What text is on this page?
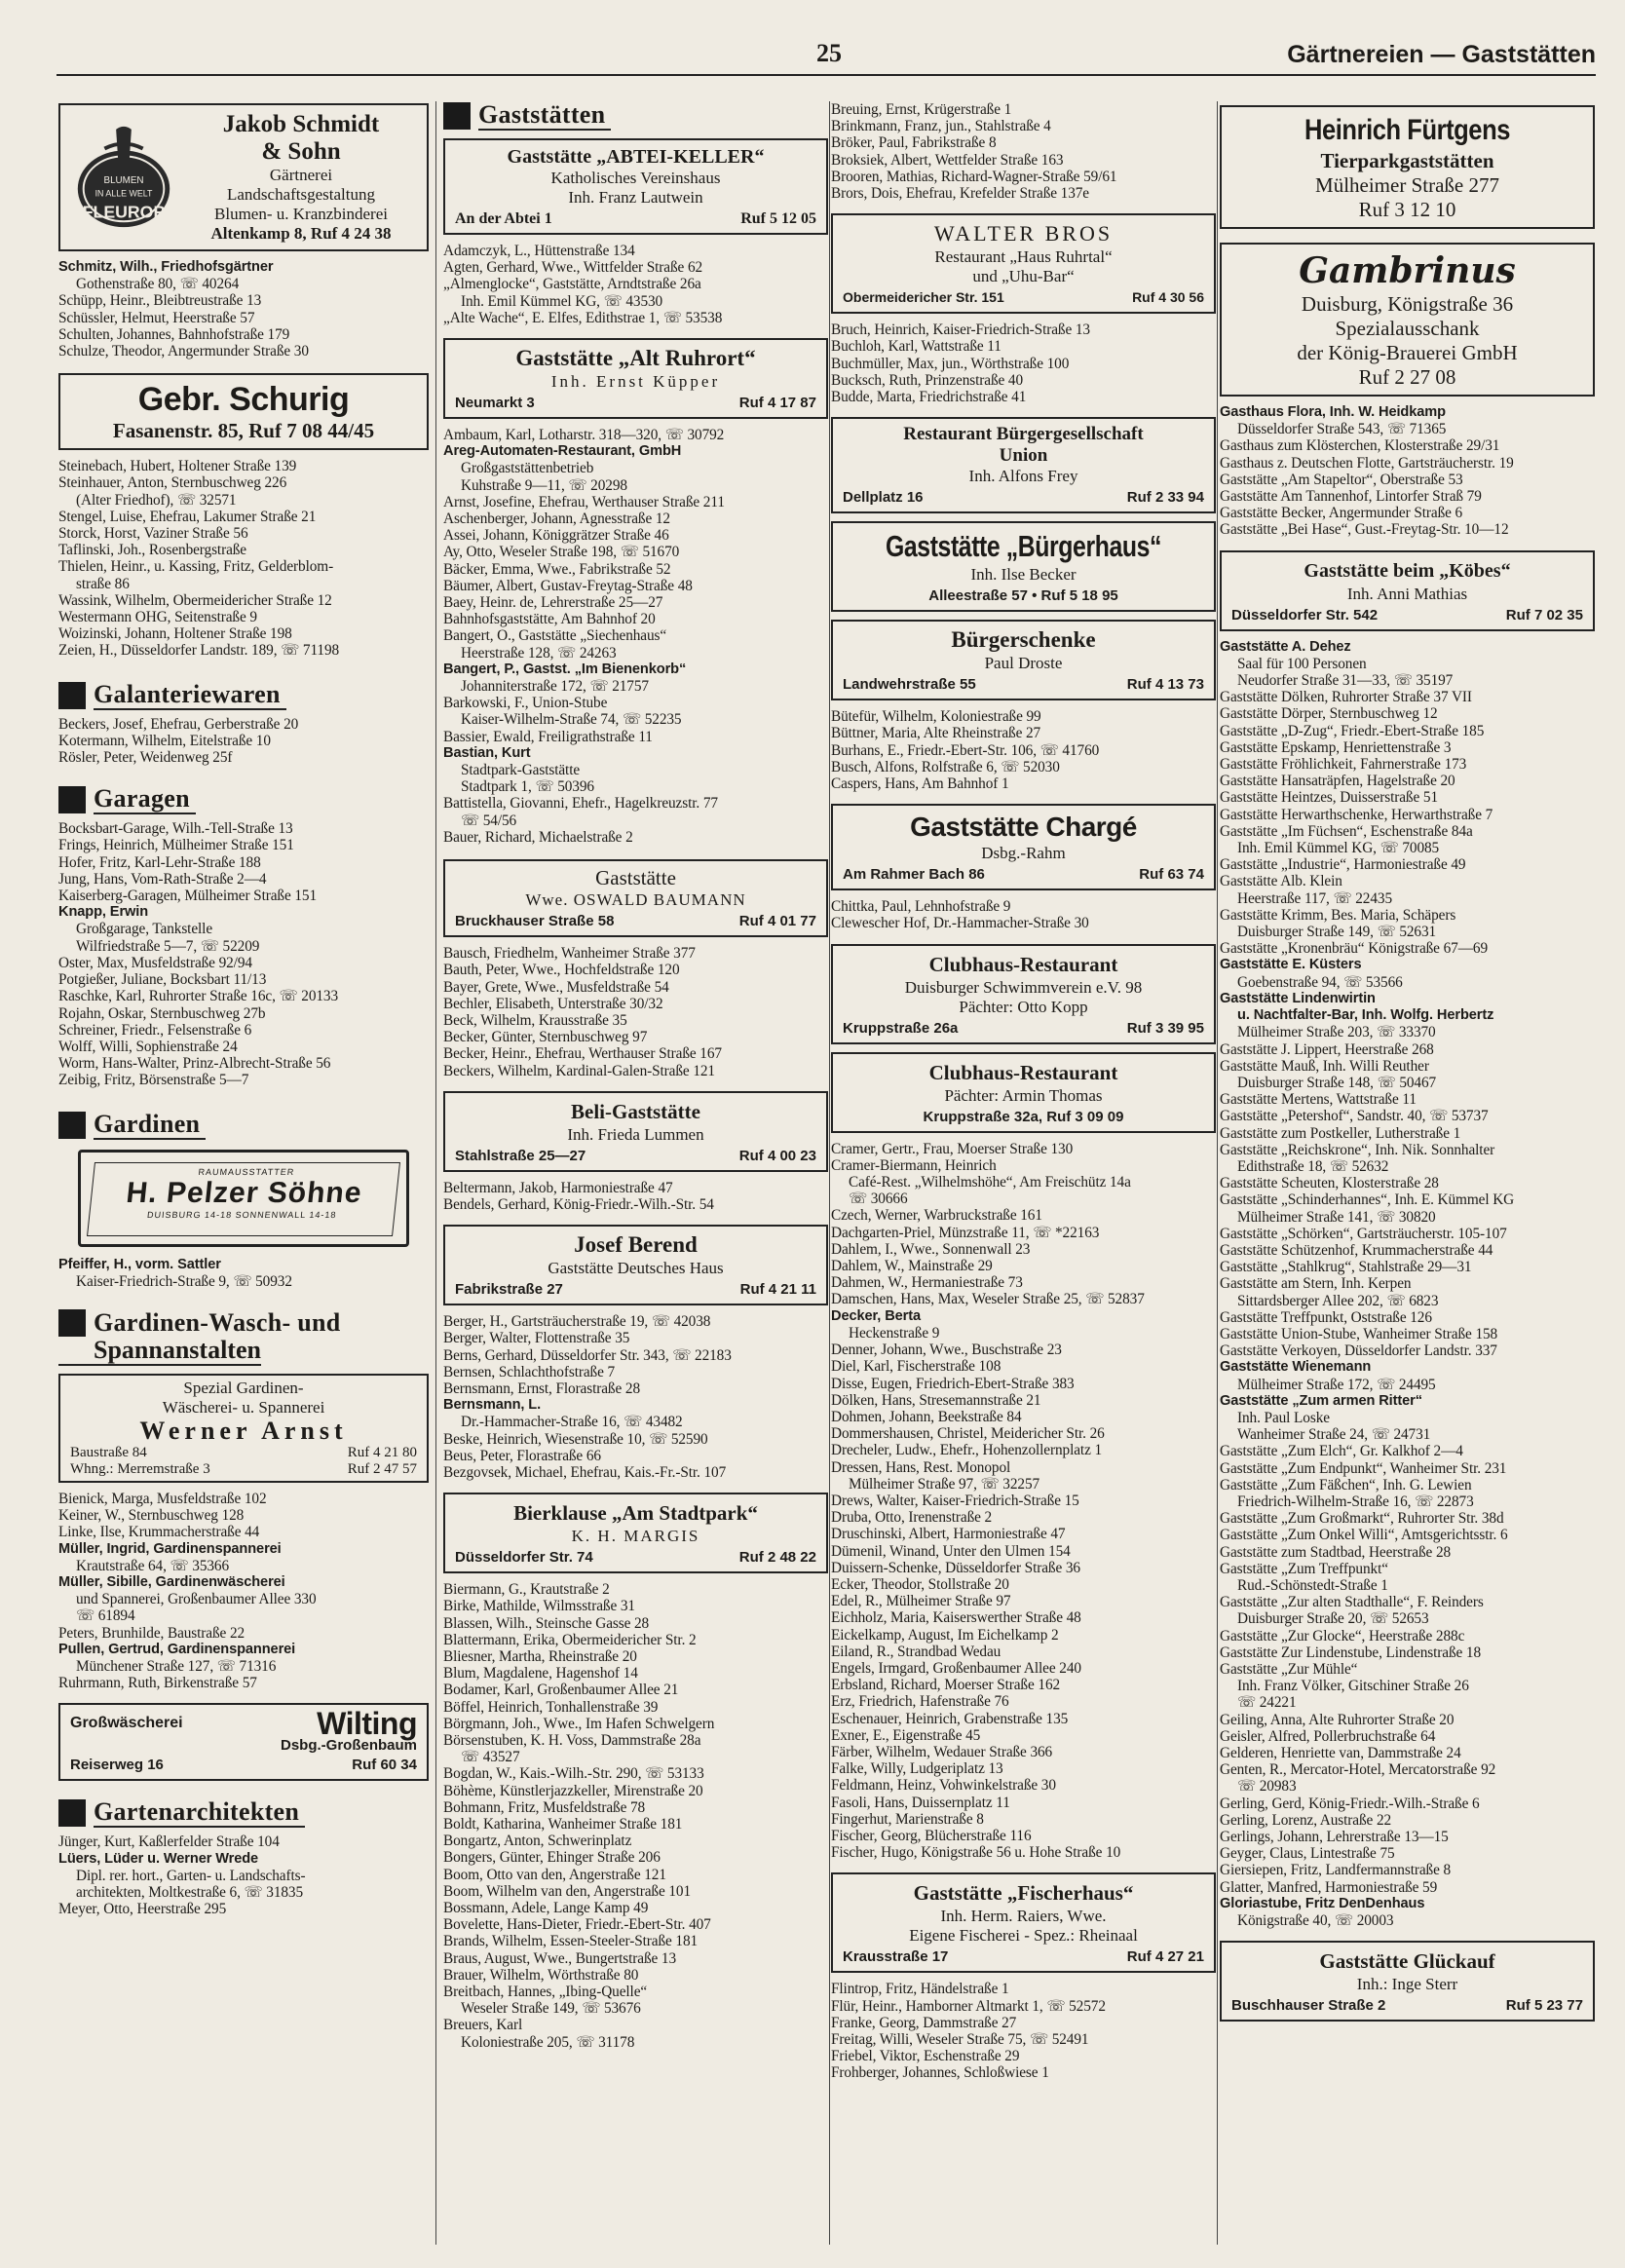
25	Gärtnereien — Gaststätten
BLUMEN
IN ALLE WELT
FLEUROP
Jakob Schmidt
& Sohn
Gärtnerei
Landschaftsgestaltung
Blumen- u. Kranzbinderei
Altenkamp 8, Ruf 4 24 38
Schmitz, Wilh., Friedhofsgärtner
Gothenstraße 80, ☏ 40264
Schüpp, Heinr., Bleibtreustraße 13
Schüssler, Helmut, Heerstraße 57
Schulten, Johannes, Bahnhofstraße 179
Schulze, Theodor, Angermunder Straße 30
Gebr. Schurig
Fasanenstr. 85, Ruf 7 08 44/45
Steinebach, Hubert, Holtener Straße 139
Steinhauer, Anton, Sternbuschweg 226
(Alter Friedhof), ☏ 32571
Stengel, Luise, Ehefrau, Lakumer Straße 21
Storck, Horst, Vaziner Straße 56
Taflinski, Joh., Rosenbergstraße
Thielen, Heinr., u. Kassing, Fritz, Gelderblom-
straße 86
Wassink, Wilhelm, Obermeidericher Straße 12
Westermann OHG, Seitenstraße 9
Woizinski, Johann, Holtener Straße 198
Zeien, H., Düsseldorfer Landstr. 189, ☏ 71198
Galanteriewaren
Beckers, Josef, Ehefrau, Gerberstraße 20
Kotermann, Wilhelm, Eitelstraße 10
Rösler, Peter, Weidenweg 25f
Garagen
Bocksbart-Garage, Wilh.-Tell-Straße 13
Frings, Heinrich, Mülheimer Straße 151
Hofer, Fritz, Karl-Lehr-Straße 188
Jung, Hans, Vom-Rath-Straße 2—4
Kaiserberg-Garagen, Mülheimer Straße 151
Knapp, Erwin
Großgarage, Tankstelle
Wilfriedstraße 5—7, ☏ 52209
Oster, Max, Musfeldstraße 92/94
Potgießer, Juliane, Bocksbart 11/13
Raschke, Karl, Ruhrorter Straße 16c, ☏ 20133
Rojahn, Oskar, Sternbuschweg 27b
Schreiner, Friedr., Felsenstraße 6
Wolff, Willi, Sophienstraße 24
Worm, Hans-Walter, Prinz-Albrecht-Straße 56
Zeibig, Fritz, Börsenstraße 5—7
Gardinen
RAUMAUSSTATTER
H. Pelzer Söhne
DUISBURG 14-18 SONNENWALL 14-18
Pfeiffer, H., vorm. Sattler
Kaiser-Friedrich-Straße 9, ☏ 50932
Gardinen-Wasch- und
Spannanstalten
Spezial Gardinen-
Wäscherei- u. Spannerei
Werner Arnst
Baustraße 84	Ruf 4 21 80
Whng.: Merremstraße 3	Ruf 2 47 57
Bienick, Marga, Musfeldstraße 102
Keiner, W., Sternbuschweg 128
Linke, Ilse, Krummacherstraße 44
Müller, Ingrid, Gardinenspannerei
Krautstraße 64, ☏ 35366
Müller, Sibille, Gardinenwäscherei
und Spannerei, Großenbaumer Allee 330
☏ 61894
Peters, Brunhilde, Baustraße 22
Pullen, Gertrud, Gardinenspannerei
Münchener Straße 127, ☏ 71316
Ruhrmann, Ruth, Birkenstraße 57
Großwäscherei	Wilting
Dsbg.-Großenbaum
Reiserweg 16	Ruf 60 34
Gartenarchitekten
Jünger, Kurt, Kaßlerfelder Straße 104
Lüers, Lüder u. Werner Wrede
Dipl. rer. hort., Garten- u. Landschafts-
architekten, Moltkestraße 6, ☏ 31835
Meyer, Otto, Heerstraße 295
Gaststätten
Gaststätte „ABTEI-KELLER“
Katholisches Vereinshaus
Inh. Franz Lautwein
An der Abtei 1	Ruf 5 12 05
Adamczyk, L., Hüttenstraße 134
Agten, Gerhard, Wwe., Wittfelder Straße 62
„Almenglocke“, Gaststätte, Arndtstraße 26a
Inh. Emil Kümmel KG, ☏ 43530
„Alte Wache“, E. Elfes, Edithstrae 1, ☏ 53538
Gaststätte „Alt Ruhrort“
Inh. Ernst Küpper
Neumarkt 3	Ruf 4 17 87
Ambaum, Karl, Lotharstr. 318—320, ☏ 30792
Areg-Automaten-Restaurant, GmbH
Großgaststättenbetrieb
Kuhstraße 9—11, ☏ 20298
Arnst, Josefine, Ehefrau, Werthauser Straße 211
Aschenberger, Johann, Agnesstraße 12
Assei, Johann, Königgrätzer Straße 46
Ay, Otto, Weseler Straße 198, ☏ 51670
Bäcker, Emma, Wwe., Fabrikstraße 52
Bäumer, Albert, Gustav-Freytag-Straße 48
Baey, Heinr. de, Lehrerstraße 25—27
Bahnhofsgaststätte, Am Bahnhof 20
Bangert, O., Gaststätte „Siechenhaus“
Heerstraße 128, ☏ 24263
Bangert, P., Gastst. „Im Bienenkorb“
Johanniterstraße 172, ☏ 21757
Barkowski, F., Union-Stube
Kaiser-Wilhelm-Straße 74, ☏ 52235
Bassier, Ewald, Freiligrathstraße 11
Bastian, Kurt
Stadtpark-Gaststätte
Stadtpark 1, ☏ 50396
Battistella, Giovanni, Ehefr., Hagelkreuzstr. 77
☏ 54/56
Bauer, Richard, Michaelstraße 2
Gaststätte
Wwe. OSWALD BAUMANN
Bruckhauser Straße 58	Ruf 4 01 77
Bausch, Friedhelm, Wanheimer Straße 377
Bauth, Peter, Wwe., Hochfeldstraße 120
Bayer, Grete, Wwe., Musfeldstraße 54
Bechler, Elisabeth, Unterstraße 30/32
Beck, Wilhelm, Krausstraße 35
Becker, Günter, Sternbuschweg 97
Becker, Heinr., Ehefrau, Werthauser Straße 167
Beckers, Wilhelm, Kardinal-Galen-Straße 121
Beli-Gaststätte
Inh. Frieda Lummen
Stahlstraße 25—27	Ruf 4 00 23
Beltermann, Jakob, Harmoniestraße 47
Bendels, Gerhard, König-Friedr.-Wilh.-Str. 54
Josef Berend
Gaststätte Deutsches Haus
Fabrikstraße 27	Ruf 4 21 11
Berger, H., Gartsträucherstraße 19, ☏ 42038
Berger, Walter, Flottenstraße 35
Berns, Gerhard, Düsseldorfer Str. 343, ☏ 22183
Bernsen, Schlachthofstraße 7
Bernsmann, Ernst, Florastraße 28
Bernsmann, L.
Dr.-Hammacher-Straße 16, ☏ 43482
Beske, Heinrich, Wiesenstraße 10, ☏ 52590
Beus, Peter, Florastraße 66
Bezgovsek, Michael, Ehefrau, Kais.-Fr.-Str. 107
Bierklause „Am Stadtpark“
K. H. MARGIS
Düsseldorfer Str. 74	Ruf 2 48 22
Biermann, G., Krautstraße 2
Birke, Mathilde, Wilmsstraße 31
Blassen, Wilh., Steinsche Gasse 28
Blattermann, Erika, Obermeidericher Str. 2
Bliesner, Martha, Rheinstraße 20
Blum, Magdalene, Hagenshof 14
Bodamer, Karl, Großenbaumer Allee 21
Böffel, Heinrich, Tonhallenstraße 39
Börgmann, Joh., Wwe., Im Hafen Schwelgern
Börsenstuben, K. H. Voss, Dammstraße 28a
☏ 43527
Bogdan, W., Kais.-Wilh.-Str. 290, ☏ 53133
Böhème, Künstlerjazzkeller, Mirenstraße 20
Bohmann, Fritz, Musfeldstraße 78
Boldt, Katharina, Wanheimer Straße 181
Bongartz, Anton, Schwerinplatz
Bongers, Günter, Ehinger Straße 206
Boom, Otto van den, Angerstraße 121
Boom, Wilhelm van den, Angerstraße 101
Bossmann, Adele, Lange Kamp 49
Bovelette, Hans-Dieter, Friedr.-Ebert-Str. 407
Brands, Wilhelm, Essen-Steeler-Straße 181
Braus, August, Wwe., Bungertstraße 13
Brauer, Wilhelm, Wörthstraße 80
Breitbach, Hannes, „Ibing-Quelle“
Weseler Straße 149, ☏ 53676
Breuers, Karl
Koloniestraße 205, ☏ 31178
Breuing, Ernst, Krügerstraße 1
Brinkmann, Franz, jun., Stahlstraße 4
Bröker, Paul, Fabrikstraße 8
Broksiek, Albert, Wettfelder Straße 163
Brooren, Mathias, Richard-Wagner-Straße 59/61
Brors, Dois, Ehefrau, Krefelder Straße 137e
WALTER BROS
Restaurant „Haus Ruhrtal“
und „Uhu-Bar“
Obermeidericher Str. 151	Ruf 4 30 56
Bruch, Heinrich, Kaiser-Friedrich-Straße 13
Buchloh, Karl, Wattstraße 11
Buchmüller, Max, jun., Wörthstraße 100
Bucksch, Ruth, Prinzenstraße 40
Budde, Marta, Friedrichstraße 41
Restaurant Bürgergesellschaft
Union
Inh. Alfons Frey
Dellplatz 16	Ruf 2 33 94
Gaststätte „Bürgerhaus“
Inh. Ilse Becker
Alleestraße 57 • Ruf 5 18 95
Bürgerschenke
Paul Droste
Landwehrstraße 55	Ruf 4 13 73
Bütefür, Wilhelm, Koloniestraße 99
Büttner, Maria, Alte Rheinstraße 27
Burhans, E., Friedr.-Ebert-Str. 106, ☏ 41760
Busch, Alfons, Rolfstraße 6, ☏ 52030
Caspers, Hans, Am Bahnhof 1
Gaststätte Chargé
Dsbg.-Rahm
Am Rahmer Bach 86	Ruf 63 74
Chittka, Paul, Lehnhofstraße 9
Clewescher Hof, Dr.-Hammacher-Straße 30
Clubhaus-Restaurant
Duisburger Schwimmverein e.V. 98
Pächter: Otto Kopp
Kruppstraße 26a	Ruf 3 39 95
Clubhaus-Restaurant
Pächter: Armin Thomas
Kruppstraße 32a, Ruf 3 09 09
Cramer, Gertr., Frau, Moerser Straße 130
Cramer-Biermann, Heinrich
Café-Rest. „Wilhelmshöhe“, Am Freischütz 14a
☏ 30666
Czech, Werner, Warbruckstraße 161
Dachgarten-Priel, Münzstraße 11, ☏ *22163
Dahlem, I., Wwe., Sonnenwall 23
Dahlem, W., Mainstraße 29
Dahmen, W., Hermaniestraße 73
Damschen, Hans, Max, Weseler Straße 25, ☏ 52837
Decker, Berta
Heckenstraße 9
Denner, Johann, Wwe., Buschstraße 23
Diel, Karl, Fischerstraße 108
Disse, Eugen, Friedrich-Ebert-Straße 383
Dölken, Hans, Stresemannstraße 21
Dohmen, Johann, Beekstraße 84
Dommershausen, Christel, Meidericher Str. 26
Drecheler, Ludw., Ehefr., Hohenzollernplatz 1
Dressen, Hans, Rest. Monopol
Mülheimer Straße 97, ☏ 32257
Drews, Walter, Kaiser-Friedrich-Straße 15
Druba, Otto, Irenenstraße 2
Druschinski, Albert, Harmoniestraße 47
Dümenil, Winand, Unter den Ulmen 154
Duissern-Schenke, Düsseldorfer Straße 36
Ecker, Theodor, Stollstraße 20
Edel, R., Mülheimer Straße 97
Eichholz, Maria, Kaiserswerther Straße 48
Eickelkamp, August, Im Eichelkamp 2
Eiland, R., Strandbad Wedau
Engels, Irmgard, Großenbaumer Allee 240
Erbsland, Richard, Moerser Straße 162
Erz, Friedrich, Hafenstraße 76
Eschenauer, Heinrich, Grabenstraße 135
Exner, E., Eigenstraße 45
Färber, Wilhelm, Wedauer Straße 366
Falke, Willy, Ludgeriplatz 13
Feldmann, Heinz, Vohwinkelstraße 30
Fasoli, Hans, Duissernplatz 11
Fingerhut, Marienstraße 8
Fischer, Georg, Blücherstraße 116
Fischer, Hugo, Königstraße 56 u. Hohe Straße 10
Gaststätte „Fischerhaus“
Inh. Herm. Raiers, Wwe.
Eigene Fischerei - Spez.: Rheinaal
Krausstraße 17	Ruf 4 27 21
Flintrop, Fritz, Händelstraße 1
Flür, Heinr., Hamborner Altmarkt 1, ☏ 52572
Franke, Georg, Dammstraße 27
Freitag, Willi, Weseler Straße 75, ☏ 52491
Friebel, Viktor, Eschenstraße 29
Frohberger, Johannes, Schloßwiese 1
Heinrich Fürtgens
Tierparkgaststätten
Mülheimer Straße 277
Ruf 3 12 10
Gambrinus
Duisburg, Königstraße 36
Spezialausschank
der König-Brauerei GmbH
Ruf 2 27 08
Gasthaus Flora, Inh. W. Heidkamp
Düsseldorfer Straße 543, ☏ 71365
Gasthaus zum Klösterchen, Klosterstraße 29/31
Gasthaus z. Deutschen Flotte, Gartsträucherstr. 19
Gaststätte „Am Stapeltor“, Oberstraße 53
Gaststätte Am Tannenhof, Lintorfer Straß 79
Gaststätte Becker, Angermunder Straße 6
Gaststätte „Bei Hase“, Gust.-Freytag-Str. 10—12
Gaststätte beim „Köbes“
Inh. Anni Mathias
Düsseldorfer Str. 542	Ruf 7 02 35
Gaststätte A. Dehez
Saal für 100 Personen
Neudorfer Straße 31—33, ☏ 35197
Gaststätte Dölken, Ruhrorter Straße 37 VII
Gaststätte Dörper, Sternbuschweg 12
Gaststätte „D-Zug“, Friedr.-Ebert-Straße 185
Gaststätte Epskamp, Henriettenstraße 3
Gaststätte Fröhlichkeit, Fahrnerstraße 173
Gaststätte Hansaträpfen, Hagelstraße 20
Gaststätte Heintzes, Duisserstraße 51
Gaststätte Herwarthschenke, Herwarthstraße 7
Gaststätte „Im Füchsen“, Eschenstraße 84a
Inh. Emil Kümmel KG, ☏ 70085
Gaststätte „Industrie“, Harmoniestraße 49
Gaststätte Alb. Klein
Heerstraße 117, ☏ 22435
Gaststätte Krimm, Bes. Maria, Schäpers
Duisburger Straße 149, ☏ 52631
Gaststätte „Kronenbräu“ Königstraße 67—69
Gaststätte E. Küsters
Goebenstraße 94, ☏ 53566
Gaststätte Lindenwirtin
u. Nachtfalter-Bar, Inh. Wolfg. Herbertz
Mülheimer Straße 203, ☏ 33370
Gaststätte J. Lippert, Heerstraße 268
Gaststätte Mauß, Inh. Willi Reuther
Duisburger Straße 148, ☏ 50467
Gaststätte Mertens, Wattstraße 11
Gaststätte „Petershof“, Sandstr. 40, ☏ 53737
Gaststätte zum Postkeller, Lutherstraße 1
Gaststätte „Reichskrone“, Inh. Nik. Sonnhalter
Edithstraße 18, ☏ 52632
Gaststätte Scheuten, Klosterstraße 28
Gaststätte „Schinderhannes“, Inh. E. Kümmel KG
Mülheimer Straße 141, ☏ 30820
Gaststätte „Schörken“, Gartsträucherstr. 105-107
Gaststätte Schützenhof, Krummacherstraße 44
Gaststätte „Stahlkrug“, Stahlstraße 29—31
Gaststätte am Stern, Inh. Kerpen
Sittardsberger Allee 202, ☏ 6823
Gaststätte Treffpunkt, Oststraße 126
Gaststätte Union-Stube, Wanheimer Straße 158
Gaststätte Verkoyen, Düsseldorfer Landstr. 337
Gaststätte Wienemann
Mülheimer Straße 172, ☏ 24495
Gaststätte „Zum armen Ritter“
Inh. Paul Loske
Wanheimer Straße 24, ☏ 24731
Gaststätte „Zum Elch“, Gr. Kalkhof 2—4
Gaststätte „Zum Endpunkt“, Wanheimer Str. 231
Gaststätte „Zum Fäßchen“, Inh. G. Lewien
Friedrich-Wilhelm-Straße 16, ☏ 22873
Gaststätte „Zum Großmarkt“, Ruhrorter Str. 38d
Gaststätte „Zum Onkel Willi“, Amtsgerichtsstr. 6
Gaststätte zum Stadtbad, Heerstraße 28
Gaststätte „Zum Treffpunkt“
Rud.-Schönstedt-Straße 1
Gaststätte „Zur alten Stadthalle“, F. Reinders
Duisburger Straße 20, ☏ 52653
Gaststätte „Zur Glocke“, Heerstraße 288c
Gaststätte Zur Lindenstube, Lindenstraße 18
Gaststätte „Zur Mühle“
Inh. Franz Völker, Gitschiner Straße 26
☏ 24221
Geiling, Anna, Alte Ruhrorter Straße 20
Geisler, Alfred, Pollerbruchstraße 64
Gelderen, Henriette van, Dammstraße 24
Genten, R., Mercator-Hotel, Mercatorstraße 92
☏ 20983
Gerling, Gerd, König-Friedr.-Wilh.-Straße 6
Gerling, Lorenz, Austraße 22
Gerlings, Johann, Lehrerstraße 13—15
Geyger, Claus, Lintestraße 75
Giersiepen, Fritz, Landfermannstraße 8
Glatter, Manfred, Harmoniestraße 59
Gloriastube, Fritz DenDenhaus
Königstraße 40, ☏ 20003
Gaststätte Glückauf
Inh.: Inge Sterr
Buschhauser Straße 2	Ruf 5 23 77
